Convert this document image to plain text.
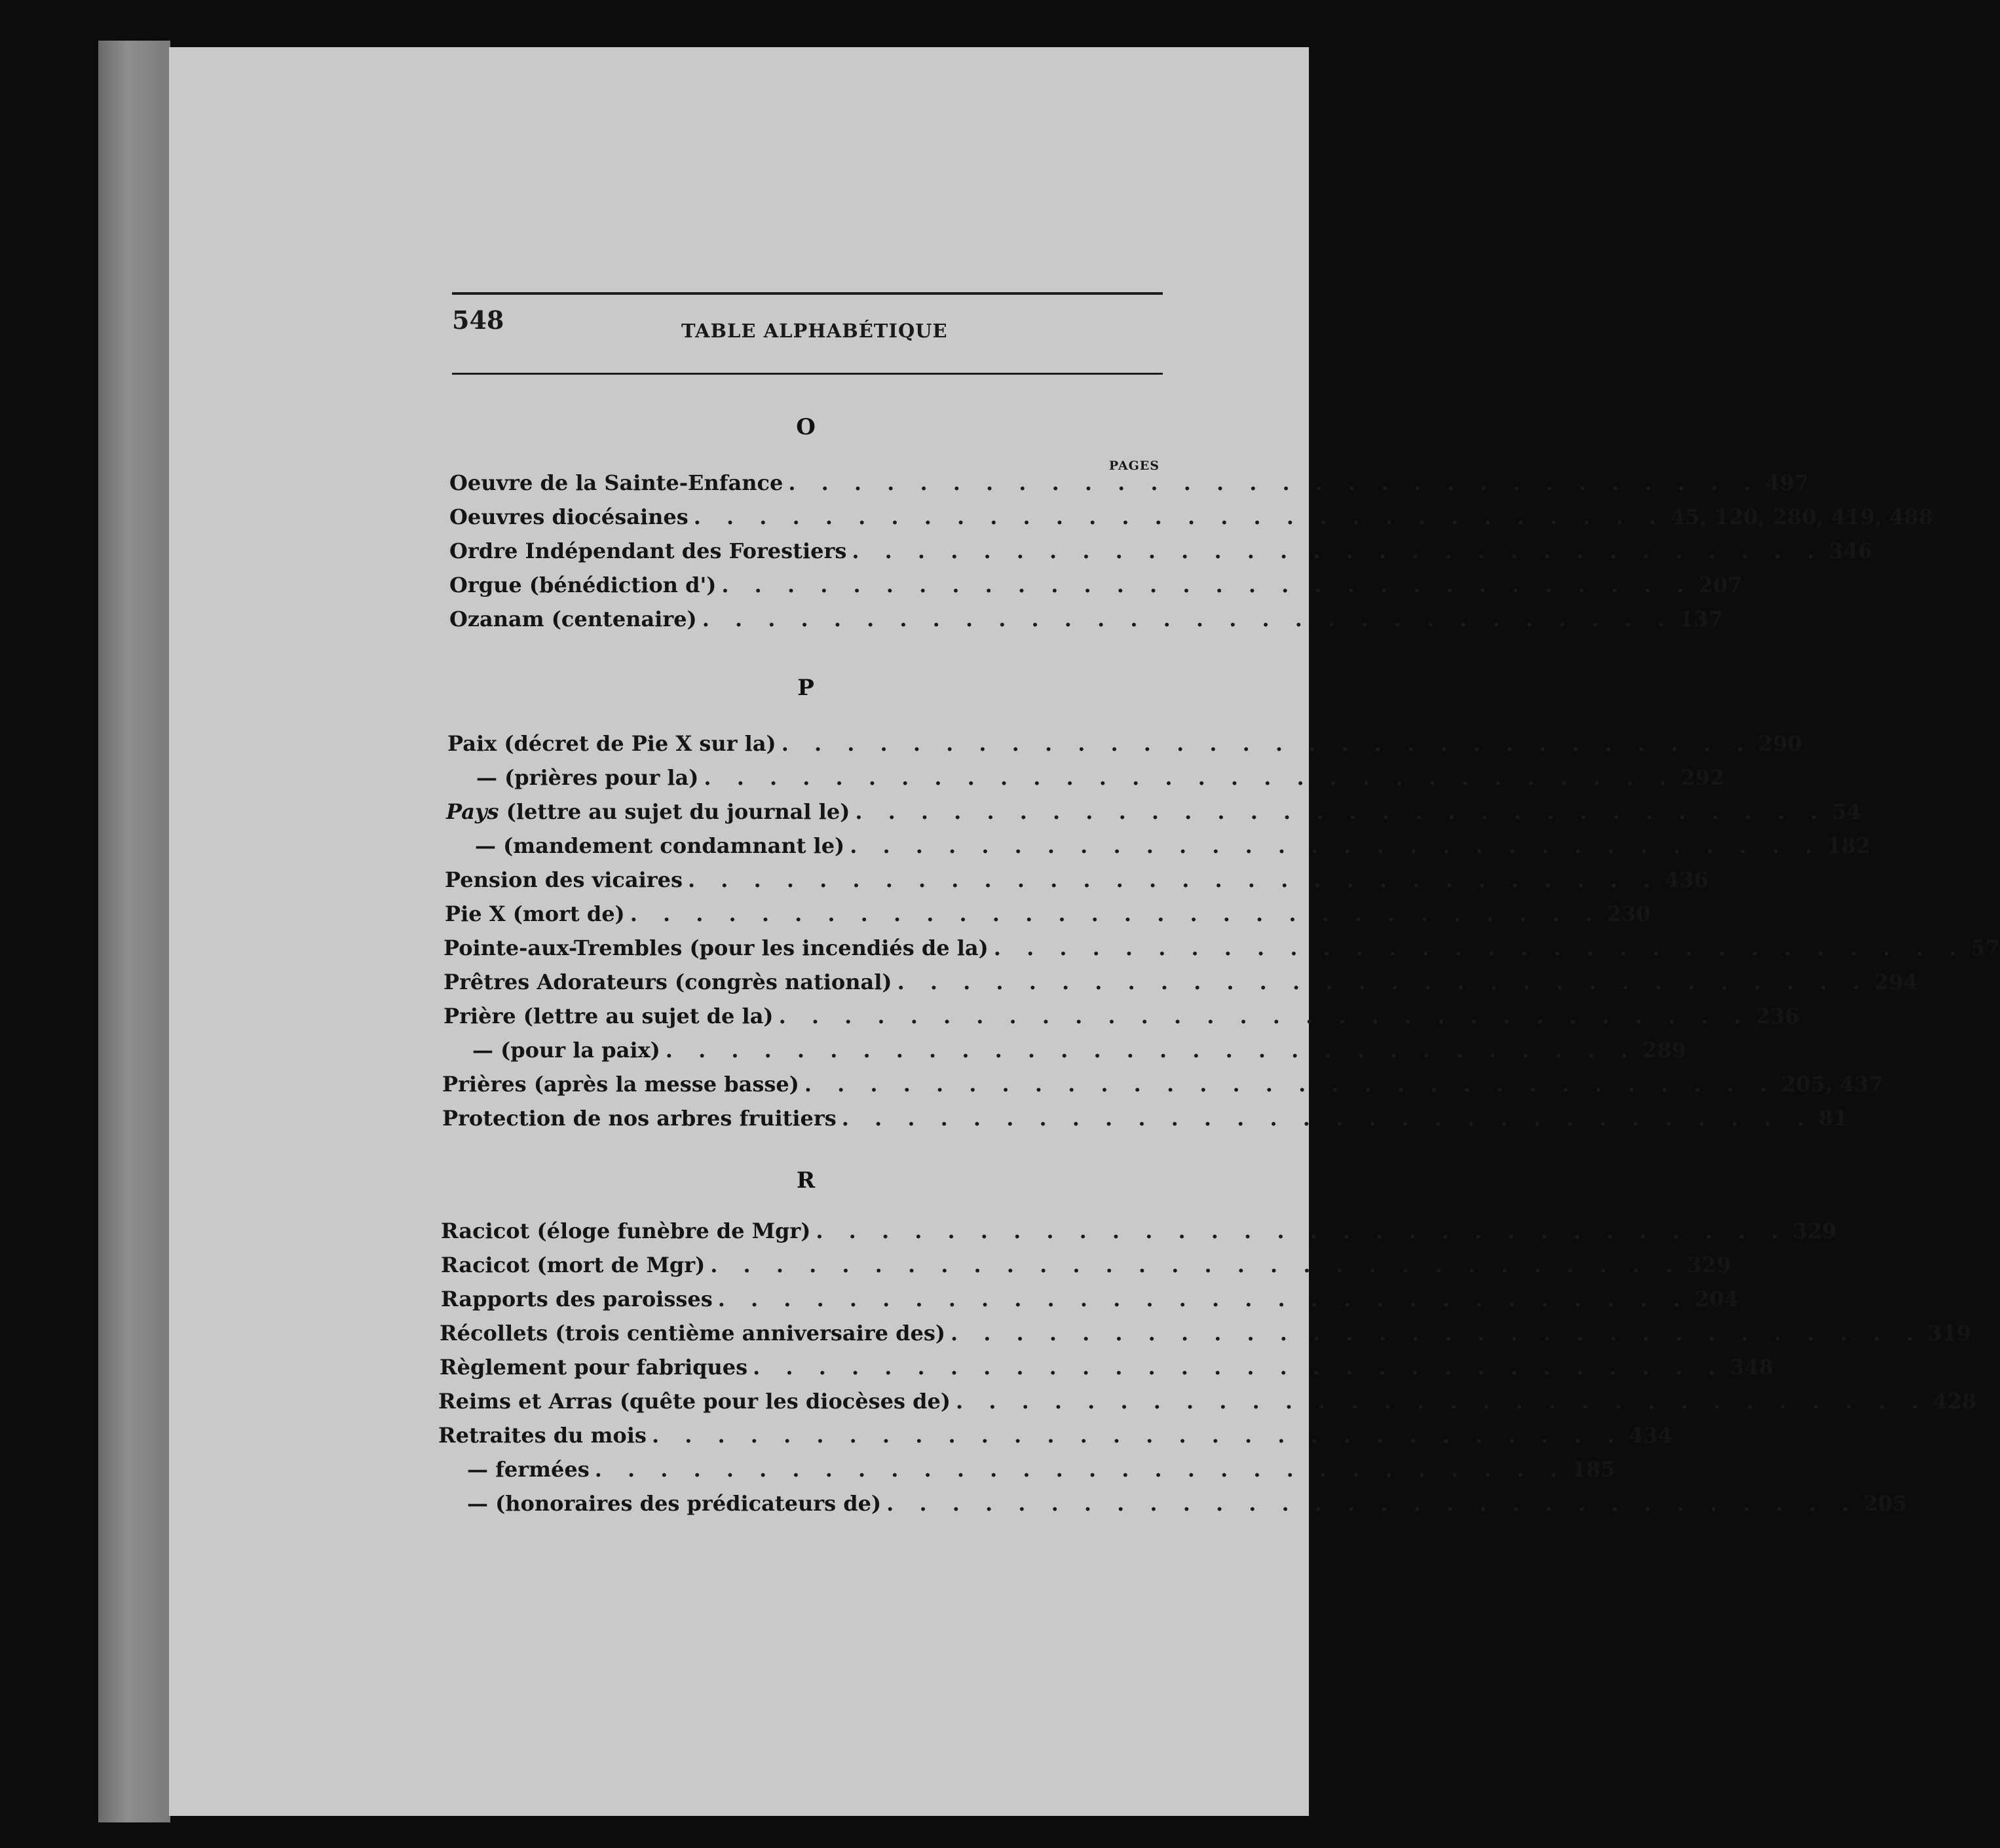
548	TABLE ALPHABÉTIQUE
O
PAGES
Oeuvre de la Sainte-Enfance . . . . . . . . . . . . . . . . . . . . . . . . . . . . . . 497
Oeuvres diocésaines . . . . . . . . . . . . . . . . . . . . . . . . . . . . . . 45, 120, 280, 419, 488
Ordre Indépendant des Forestiers . . . . . . . . . . . . . . . . . . . . . . . . . . . . . . 346
Orgue (bénédiction d') . . . . . . . . . . . . . . . . . . . . . . . . . . . . . . 207
Ozanam (centenaire) . . . . . . . . . . . . . . . . . . . . . . . . . . . . . . 137
P
Paix (décret de Pie X sur la) . . . . . . . . . . . . . . . . . . . . . . . . . . . . . . 290
— (prières pour la) . . . . . . . . . . . . . . . . . . . . . . . . . . . . . . 292
Pays (lettre au sujet du journal le) . . . . . . . . . . . . . . . . . . . . . . . . . . . . . . 54
— (mandement condamnant le) . . . . . . . . . . . . . . . . . . . . . . . . . . . . . . 182
Pension des vicaires . . . . . . . . . . . . . . . . . . . . . . . . . . . . . . 436
Pie X (mort de) . . . . . . . . . . . . . . . . . . . . . . . . . . . . . . 230
Pointe-aux-Trembles (pour les incendiés de la) . . . . . . . . . . . . . . . . . . . . . . . . . . . . . . 57
Prêtres Adorateurs (congrès national) . . . . . . . . . . . . . . . . . . . . . . . . . . . . . . 294
Prière (lettre au sujet de la) . . . . . . . . . . . . . . . . . . . . . . . . . . . . . . 236
— (pour la paix) . . . . . . . . . . . . . . . . . . . . . . . . . . . . . . 289
Prières (après la messe basse) . . . . . . . . . . . . . . . . . . . . . . . . . . . . . . 205, 437
Protection de nos arbres fruitiers . . . . . . . . . . . . . . . . . . . . . . . . . . . . . . 81
R
Racicot (éloge funèbre de Mgr) . . . . . . . . . . . . . . . . . . . . . . . . . . . . . . 329
Racicot (mort de Mgr) . . . . . . . . . . . . . . . . . . . . . . . . . . . . . . 329
Rapports des paroisses . . . . . . . . . . . . . . . . . . . . . . . . . . . . . . 204
Récollets (trois centième anniversaire des) . . . . . . . . . . . . . . . . . . . . . . . . . . . . . . 319
Règlement pour fabriques . . . . . . . . . . . . . . . . . . . . . . . . . . . . . . 348
Reims et Arras (quête pour les diocèses de) . . . . . . . . . . . . . . . . . . . . . . . . . . . . . . 428
Retraites du mois . . . . . . . . . . . . . . . . . . . . . . . . . . . . . . 434
— fermées . . . . . . . . . . . . . . . . . . . . . . . . . . . . . . 185
— (honoraires des prédicateurs de) . . . . . . . . . . . . . . . . . . . . . . . . . . . . . . 205
